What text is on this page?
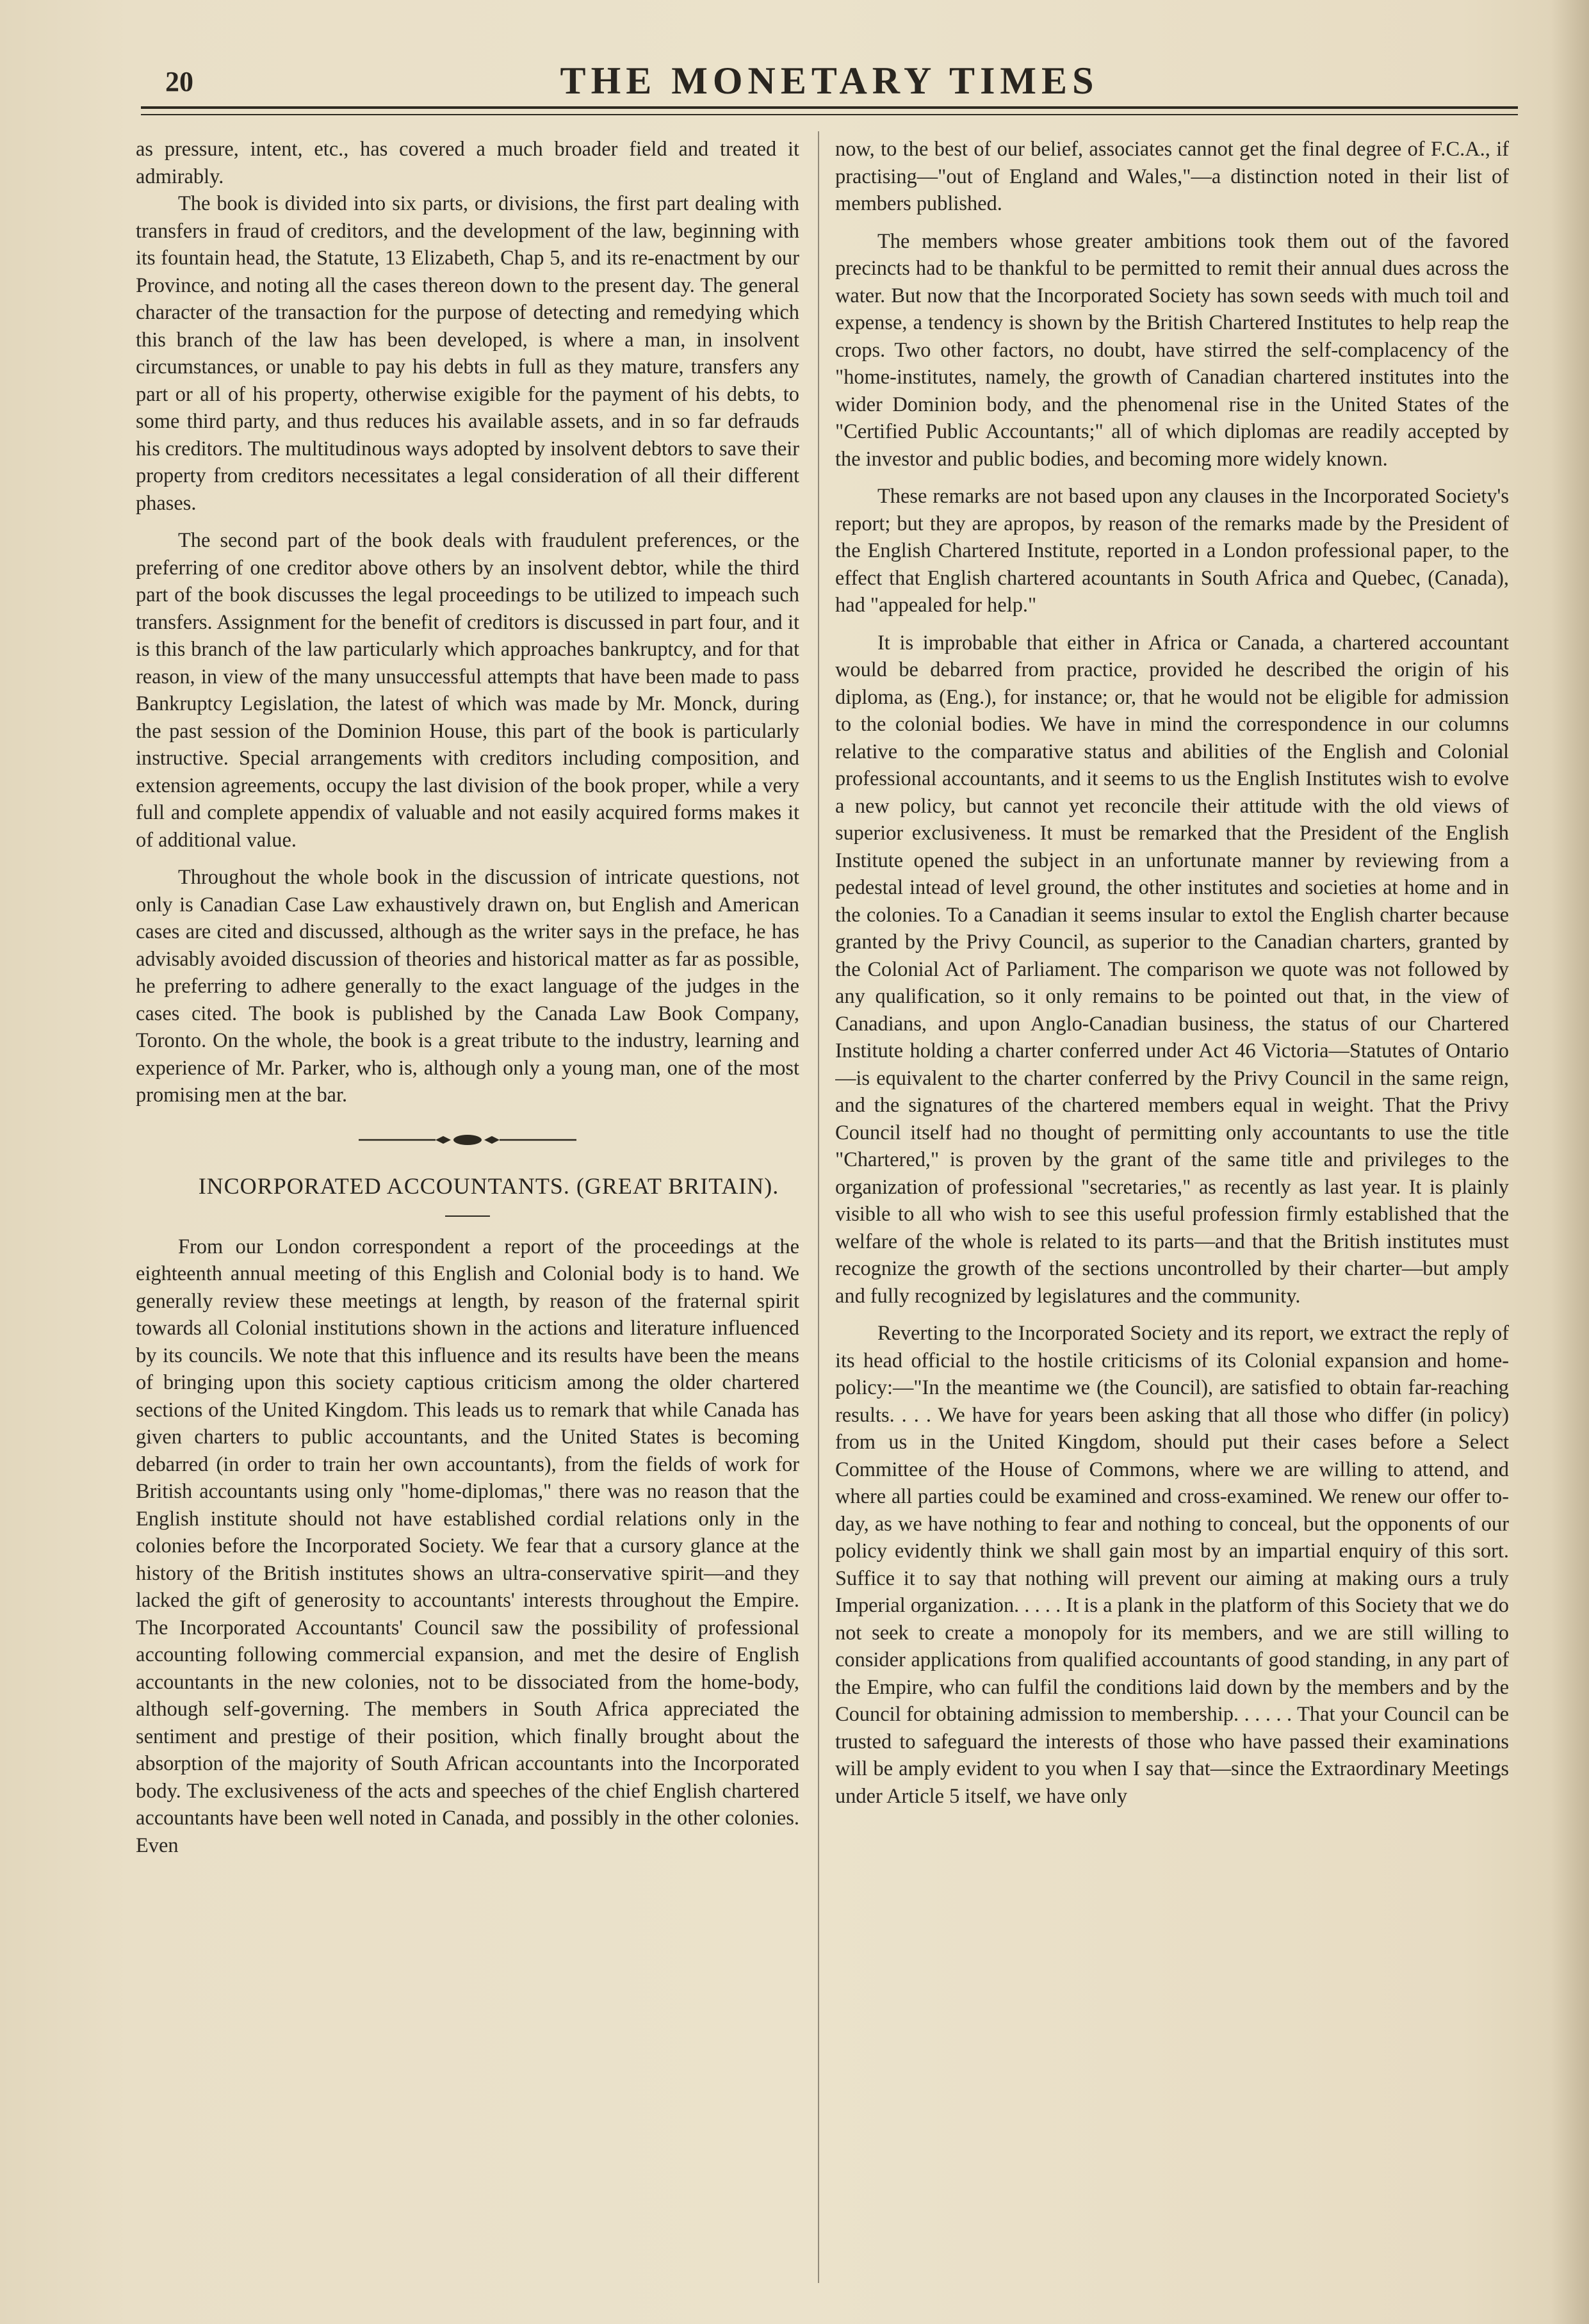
20	THE MONETARY TIMES

as pressure, intent, etc., has covered a much broader field and treated it admirably.

The book is divided into six parts, or divisions, the first part dealing with transfers in fraud of creditors, and the development of the law, beginning with its fountain head, the Statute, 13 Elizabeth, Chap 5, and its re-enactment by our Province, and noting all the cases thereon down to the present day. The general character of the transaction for the purpose of detecting and remedying which this branch of the law has been developed, is where a man, in insolvent circumstances, or unable to pay his debts in full as they mature, transfers any part or all of his property, otherwise exigible for the payment of his debts, to some third party, and thus reduces his available assets, and in so far defrauds his creditors. The multitudinous ways adopted by insolvent debtors to save their property from creditors necessitates a legal consideration of all their different phases.

The second part of the book deals with fraudulent preferences, or the preferring of one creditor above others by an insolvent debtor, while the third part of the book discusses the legal proceedings to be utilized to impeach such transfers. Assignment for the benefit of creditors is discussed in part four, and it is this branch of the law particularly which approaches bankruptcy, and for that reason, in view of the many unsuccessful attempts that have been made to pass Bankruptcy Legislation, the latest of which was made by Mr. Monck, during the past session of the Dominion House, this part of the book is particularly instructive. Special arrangements with creditors including composition, and extension agreements, occupy the last division of the book proper, while a very full and complete appendix of valuable and not easily acquired forms makes it of additional value.

Throughout the whole book in the discussion of intricate questions, not only is Canadian Case Law exhaustively drawn on, but English and American cases are cited and discussed, although as the writer says in the preface, he has advisably avoided discussion of theories and historical matter as far as possible, he preferring to adhere generally to the exact language of the judges in the cases cited. The book is published by the Canada Law Book Company, Toronto. On the whole, the book is a great tribute to the industry, learning and experience of Mr. Parker, who is, although only a young man, one of the most promising men at the bar.

INCORPORATED ACCOUNTANTS. (GREAT BRITAIN).

From our London correspondent a report of the proceedings at the eighteenth annual meeting of this English and Colonial body is to hand. We generally review these meetings at length, by reason of the fraternal spirit towards all Colonial institutions shown in the actions and literature influenced by its councils. We note that this influence and its results have been the means of bringing upon this society captious criticism among the older chartered sections of the United Kingdom. This leads us to remark that while Canada has given charters to public accountants, and the United States is becoming debarred (in order to train her own accountants), from the fields of work for British accountants using only "home-diplomas," there was no reason that the English institute should not have established cordial relations only in the colonies before the Incorporated Society. We fear that a cursory glance at the history of the British institutes shows an ultra-conservative spirit—and they lacked the gift of generosity to accountants' interests throughout the Empire. The Incorporated Accountants' Council saw the possibility of professional accounting following commercial expansion, and met the desire of English accountants in the new colonies, not to be dissociated from the home-body, although self-governing. The members in South Africa appreciated the sentiment and prestige of their position, which finally brought about the absorption of the majority of South African accountants into the Incorporated body. The exclusiveness of the acts and speeches of the chief English chartered accountants have been well noted in Canada, and possibly in the other colonies. Even

now, to the best of our belief, associates cannot get the final degree of F.C.A., if practising—"out of England and Wales,"—a distinction noted in their list of members published.

The members whose greater ambitions took them out of the favored precincts had to be thankful to be permitted to remit their annual dues across the water. But now that the Incorporated Society has sown seeds with much toil and expense, a tendency is shown by the British Chartered Institutes to help reap the crops. Two other factors, no doubt, have stirred the self-complacency of the "home-institutes, namely, the growth of Canadian chartered institutes into the wider Dominion body, and the phenomenal rise in the United States of the "Certified Public Accountants;" all of which diplomas are readily accepted by the investor and public bodies, and becoming more widely known.

These remarks are not based upon any clauses in the Incorporated Society's report; but they are apropos, by reason of the remarks made by the President of the English Chartered Institute, reported in a London professional paper, to the effect that English chartered acountants in South Africa and Quebec, (Canada), had "appealed for help."

It is improbable that either in Africa or Canada, a chartered accountant would be debarred from practice, provided he described the origin of his diploma, as (Eng.), for instance; or, that he would not be eligible for admission to the colonial bodies. We have in mind the correspondence in our columns relative to the comparative status and abilities of the English and Colonial professional accountants, and it seems to us the English Institutes wish to evolve a new policy, but cannot yet reconcile their attitude with the old views of superior exclusiveness. It must be remarked that the President of the English Institute opened the subject in an unfortunate manner by reviewing from a pedestal intead of level ground, the other institutes and societies at home and in the colonies. To a Canadian it seems insular to extol the English charter because granted by the Privy Council, as superior to the Canadian charters, granted by the Colonial Act of Parliament. The comparison we quote was not followed by any qualification, so it only remains to be pointed out that, in the view of Canadians, and upon Anglo-Canadian business, the status of our Chartered Institute holding a charter conferred under Act 46 Victoria—Statutes of Ontario—is equivalent to the charter conferred by the Privy Council in the same reign, and the signatures of the chartered members equal in weight. That the Privy Council itself had no thought of permitting only accountants to use the title "Chartered," is proven by the grant of the same title and privileges to the organization of professional "secretaries," as recently as last year. It is plainly visible to all who wish to see this useful profession firmly established that the welfare of the whole is related to its parts—and that the British institutes must recognize the growth of the sections uncontrolled by their charter—but amply and fully recognized by legislatures and the community.

Reverting to the Incorporated Society and its report, we extract the reply of its head official to the hostile criticisms of its Colonial expansion and home-policy:—"In the meantime we (the Council), are satisfied to obtain far-reaching results. . . . We have for years been asking that all those who differ (in policy) from us in the United Kingdom, should put their cases before a Select Committee of the House of Commons, where we are willing to attend, and where all parties could be examined and cross-examined. We renew our offer to-day, as we have nothing to fear and nothing to conceal, but the opponents of our policy evidently think we shall gain most by an impartial enquiry of this sort. Suffice it to say that nothing will prevent our aiming at making ours a truly Imperial organization. . . . . It is a plank in the platform of this Society that we do not seek to create a monopoly for its members, and we are still willing to consider applications from qualified accountants of good standing, in any part of the Empire, who can fulfil the conditions laid down by the members and by the Council for obtaining admission to membership. . . . . . That your Council can be trusted to safeguard the interests of those who have passed their examinations will be amply evident to you when I say that—since the Extraordinary Meetings under Article 5 itself, we have only
